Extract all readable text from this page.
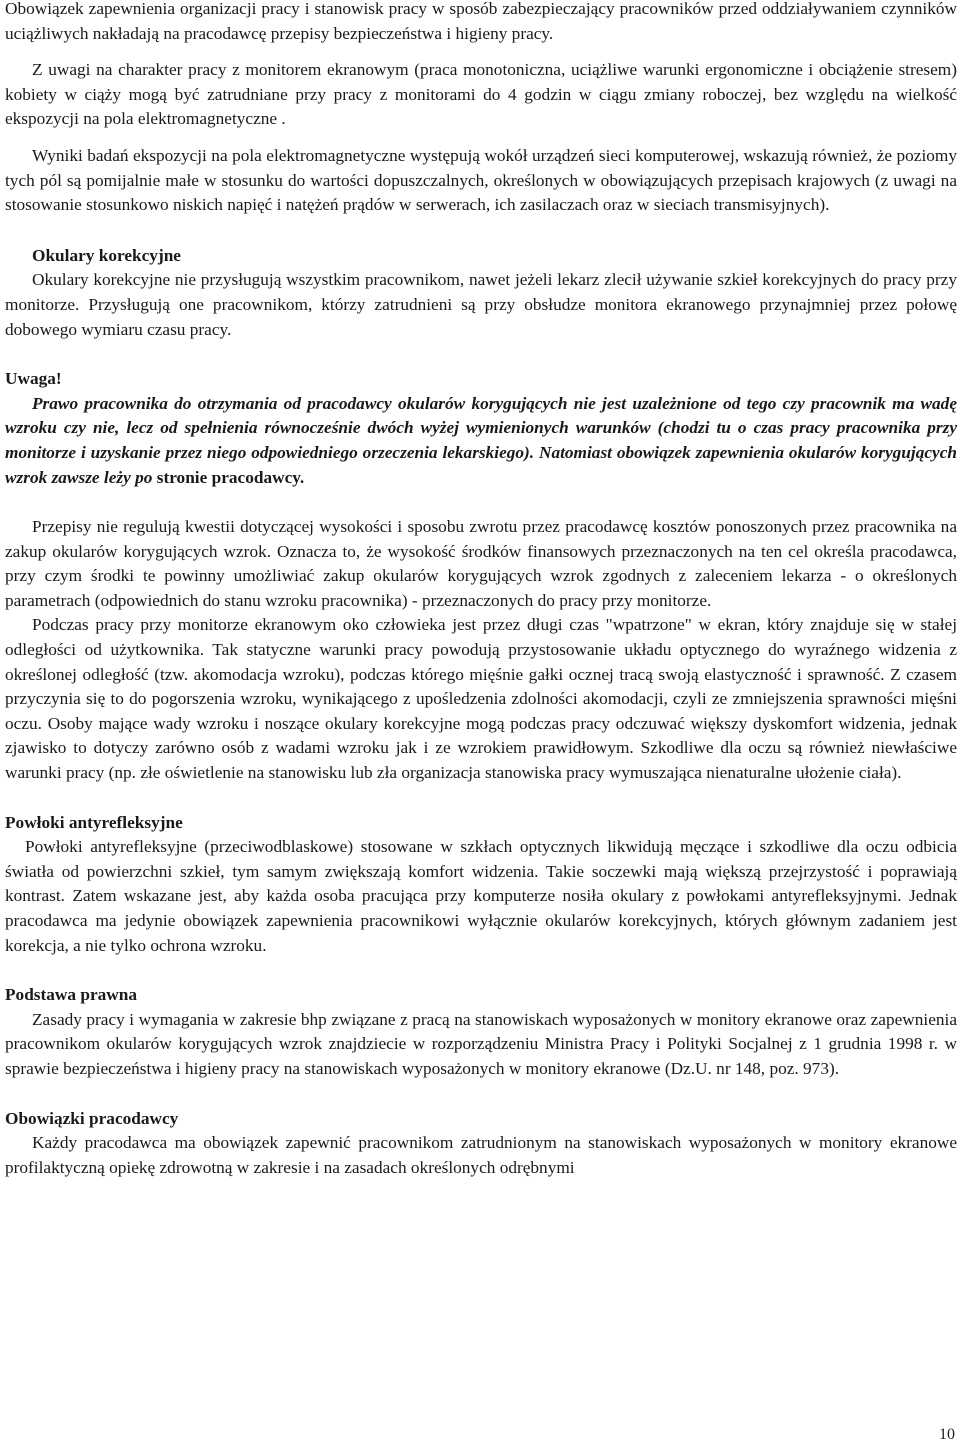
Obowiązek zapewnienia organizacji pracy i stanowisk pracy w sposób zabezpieczający pracowników przed oddziaływaniem czynników uciążliwych nakładają na pracodawcę przepisy bezpieczeństwa i higieny pracy.

Z uwagi na charakter pracy z monitorem ekranowym (praca monotoniczna, uciążliwe warunki ergonomiczne i obciążenie stresem) kobiety w ciąży mogą być zatrudniane przy pracy z monitorami do 4 godzin w ciągu zmiany roboczej, bez względu na wielkość ekspozycji na pola elektromagnetyczne .

Wyniki badań ekspozycji na pola elektromagnetyczne występują wokół urządzeń sieci komputerowej, wskazują również, że poziomy tych pól są pomijalnie małe w stosunku do wartości dopuszczalnych, określonych w obowiązujących przepisach krajowych (z uwagi na stosowanie stosunkowo niskich napięć i natężeń prądów w serwerach, ich zasilaczach oraz w sieciach transmisyjnych).

Okulary korekcyjne

Okulary korekcyjne nie przysługują wszystkim pracownikom, nawet jeżeli lekarz zlecił używanie szkieł korekcyjnych do pracy przy monitorze. Przysługują one pracownikom, którzy zatrudnieni są przy obsłudze monitora ekranowego przynajmniej przez połowę dobowego wymiaru czasu pracy.

Uwaga!

Prawo pracownika do otrzymania od pracodawcy okularów korygujących nie jest uzależnione od tego czy pracownik ma wadę wzroku czy nie, lecz od spełnienia równocześnie dwóch wyżej wymienionych warunków (chodzi tu o czas pracy pracownika przy monitorze i uzyskanie przez niego odpowiedniego orzeczenia lekarskiego). Natomiast obowiązek zapewnienia okularów korygujących wzrok zawsze leży po stronie pracodawcy.

Przepisy nie regulują kwestii dotyczącej wysokości i sposobu zwrotu przez pracodawcę kosztów ponoszonych przez pracownika na zakup okularów korygujących wzrok. Oznacza to, że wysokość środków finansowych przeznaczonych na ten cel określa pracodawca, przy czym środki te powinny umożliwiać zakup okularów korygujących wzrok zgodnych z zaleceniem lekarza - o określonych parametrach (odpowiednich do stanu wzroku pracownika) - przeznaczonych do pracy przy monitorze.

Podczas pracy przy monitorze ekranowym oko człowieka jest przez długi czas "wpatrzone" w ekran, który znajduje się w stałej odległości od użytkownika. Tak statyczne warunki pracy powodują przystosowanie układu optycznego do wyraźnego widzenia z określonej odległość (tzw. akomodacja wzroku), podczas którego mięśnie gałki ocznej tracą swoją elastyczność i sprawność. Z czasem przyczynia się to do pogorszenia wzroku, wynikającego z upośledzenia zdolności akomodacji, czyli ze zmniejszenia sprawności mięśni oczu. Osoby mające wady wzroku i noszące okulary korekcyjne mogą podczas pracy odczuwać większy dyskomfort widzenia, jednak zjawisko to dotyczy zarówno osób z wadami wzroku jak i ze wzrokiem prawidłowym. Szkodliwe dla oczu są również niewłaściwe warunki pracy (np. złe oświetlenie na stanowisku lub zła organizacja stanowiska pracy wymuszająca nienaturalne ułożenie ciała).

Powłoki antyrefleksyjne

Powłoki antyrefleksyjne (przeciwodblaskowe) stosowane w szkłach optycznych likwidują męczące i szkodliwe dla oczu odbicia światła od powierzchni szkieł, tym samym zwiększają komfort widzenia. Takie soczewki mają większą przejrzystość i poprawiają kontrast. Zatem wskazane jest, aby każda osoba pracująca przy komputerze nosiła okulary z powłokami antyrefleksyjnymi. Jednak pracodawca ma jedynie obowiązek zapewnienia pracownikowi wyłącznie okularów korekcyjnych, których głównym zadaniem jest korekcja, a nie tylko ochrona wzroku.

Podstawa prawna

Zasady pracy i wymagania w zakresie bhp związane z pracą na stanowiskach wyposażonych w monitory ekranowe oraz zapewnienia pracownikom okularów korygujących wzrok znajdziecie w rozporządzeniu Ministra Pracy i Polityki Socjalnej z 1 grudnia 1998 r. w sprawie bezpieczeństwa i higieny pracy na stanowiskach wyposażonych w monitory ekranowe (Dz.U. nr 148, poz. 973).

Obowiązki pracodawcy

Każdy pracodawca ma obowiązek zapewnić pracownikom zatrudnionym na stanowiskach wyposażonych w monitory ekranowe profilaktyczną opiekę zdrowotną w zakresie i na zasadach określonych odrębnymi

10
